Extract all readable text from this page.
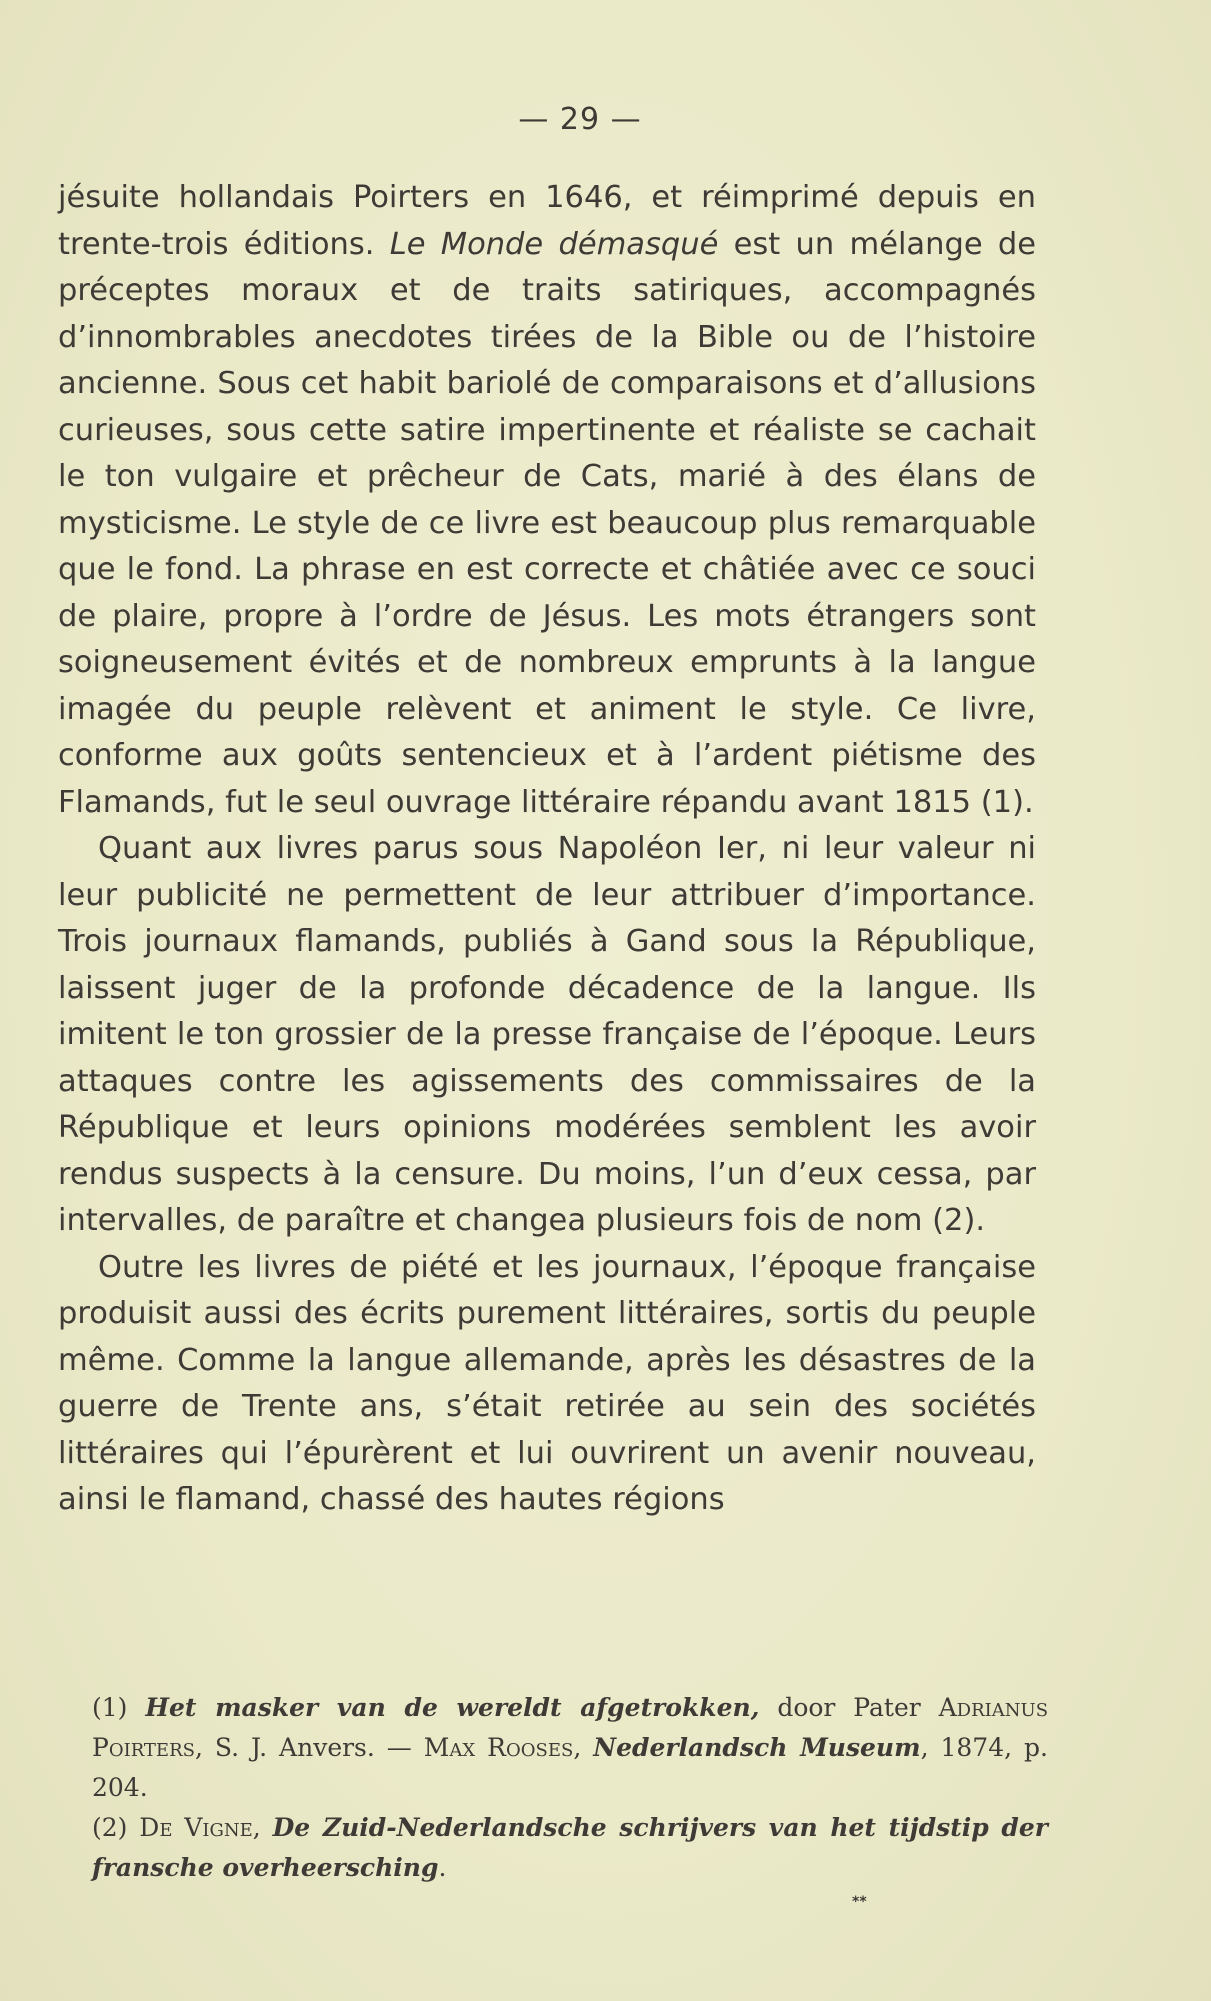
— 29 —

jésuite hollandais Poirters en 1646, et réimprimé depuis en trente-trois éditions. Le Monde démasqué est un mélange de préceptes moraux et de traits satiriques, accompagnés d’innombrables anecdotes tirées de la Bible ou de l’histoire ancienne. Sous cet habit bariolé de comparaisons et d’allusions curieuses, sous cette satire impertinente et réaliste se cachait le ton vulgaire et prêcheur de Cats, marié à des élans de mysticisme. Le style de ce livre est beaucoup plus remarquable que le fond. La phrase en est correcte et châtiée avec ce souci de plaire, propre à l’ordre de Jésus. Les mots étrangers sont soigneusement évités et de nombreux emprunts à la langue imagée du peuple relèvent et animent le style. Ce livre, conforme aux goûts sentencieux et à l’ardent piétisme des Flamands, fut le seul ouvrage littéraire répandu avant 1815 (1).

Quant aux livres parus sous Napoléon Ier, ni leur valeur ni leur publicité ne permettent de leur attribuer d’importance. Trois journaux flamands, publiés à Gand sous la République, laissent juger de la profonde décadence de la langue. Ils imitent le ton grossier de la presse française de l’époque. Leurs attaques contre les agissements des commissaires de la République et leurs opinions modérées semblent les avoir rendus suspects à la censure. Du moins, l’un d’eux cessa, par intervalles, de paraître et changea plusieurs fois de nom (2).

Outre les livres de piété et les journaux, l’époque française produisit aussi des écrits purement littéraires, sortis du peuple même. Comme la langue allemande, après les désastres de la guerre de Trente ans, s’était retirée au sein des sociétés littéraires qui l’épurèrent et lui ouvrirent un avenir nouveau, ainsi le flamand, chassé des hautes régions

(1) Het masker van de wereldt afgetrokken, door Pater Adrianus Poirters, S. J. Anvers. — Max Rooses, Nederlandsch Museum, 1874, p. 204.

(2) De Vigne, De Zuid-Nederlandsche schrijvers van het tijdstip der fransche overheersching.

**
